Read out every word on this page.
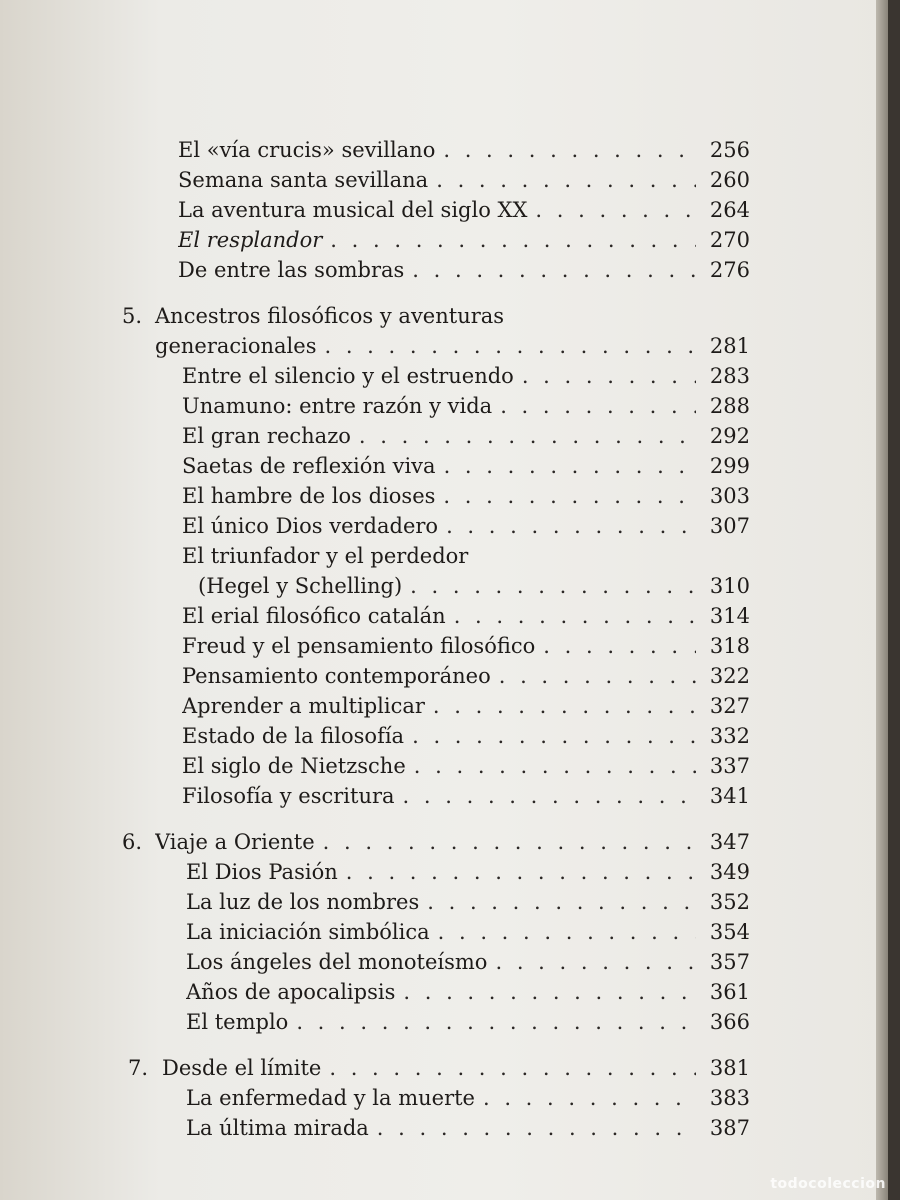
El «vía crucis» sevillano . . .	256
Semana santa sevillana . . .	260
La aventura musical del siglo XX . . .	264
El resplandor . . .	270
De entre las sombras . . .	276
5. Ancestros filosóficos y aventuras
generacionales . . .	281
Entre el silencio y el estruendo . . .	283
Unamuno: entre razón y vida . . .	288
El gran rechazo . . .	292
Saetas de reflexión viva . . .	299
El hambre de los dioses . . .	303
El único Dios verdadero . . .	307
El triunfador y el perdedor
(Hegel y Schelling) . . .	310
El erial filosófico catalán . . .	314
Freud y el pensamiento filosófico . . .	318
Pensamiento contemporáneo . . .	322
Aprender a multiplicar . . .	327
Estado de la filosofía . . .	332
El siglo de Nietzsche . . .	337
Filosofía y escritura . . .	341
6. Viaje a Oriente . . .	347
El Dios Pasión . . .	349
La luz de los nombres . . .	352
La iniciación simbólica . . .	354
Los ángeles del monoteísmo . . .	357
Años de apocalipsis . . .	361
El templo . . .	366
7. Desde el límite . . .	381
La enfermedad y la muerte . . .	383
La última mirada . . .	387
todocoleccion
